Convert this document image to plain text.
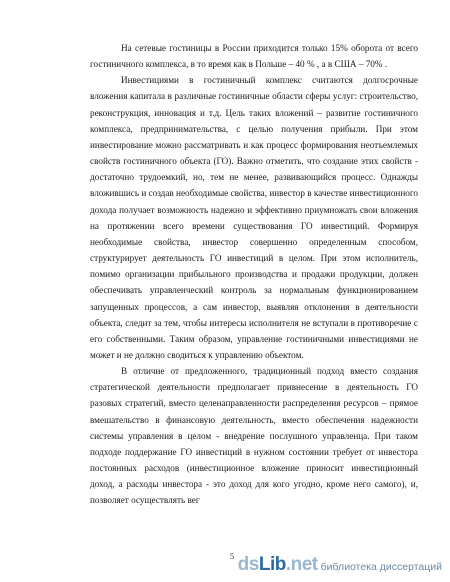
На сетевые гостиницы в России приходится только 15% оборота от всего гостиничного комплекса, в то время как в Польше – 40 % , а в США – 70% .

Инвестициями в гостиничный комплекс считаются долгосрочные вложения капитала в различные гостиничные области сферы услуг: строительство, реконструкция, инновация и т.д. Цель таких вложений – развитие гостиничного комплекса, предпринимательства, с целью получения прибыли. При этом инвестирование можно рассматривать и как процесс формирования неотъемлемых свойств гостиничного объекта (ГО). Важно отметить, что создание этих свойств - достаточно трудоемкий, но, тем не менее, развивающийся процесс. Однажды вложившись и создав необходимые свойства, инвестор в качестве инвестиционного дохода получает возможность надежно и эффективно приумножать свои вложения на протяжении всего времени существования ГО инвестиций. Формируя необходимые свойства, инвестор совершенно определенным способом, структурирует деятельность ГО инвестиций в целом. При этом исполнитель, помимо организации прибыльного производства и продажи продукции, должен обеспечивать управленческий контроль за нормальным функционированием запущенных процессов, а сам инвестор, выявляя отклонения в деятельности объекта, следит за тем, чтобы интересы исполнителя не вступали в противоречие с его собственными. Таким образом, управление гостиничными инвестициями не может и не должно сводиться к управлению объектом.

В отличие от предложенного, традиционный подход вместо создания стратегической деятельности предполагает привнесение в деятельность ГО разовых стратегий, вместо целенаправленности распределения ресурсов – прямое вмешательство в финансовую деятельность, вместо обеспечения надежности системы управления в целом - внедрение послушного управленца. При таком подходе поддержание ГО инвестиций в нужном состоянии требует от инвестора постоянных расходов (инвестиционное вложение приносит инвестиционный доход, а расходы инвестора - это доход для кого угодно, кроме него самого), и, позволяет осуществлять вег

5 dsLib.net библиотека диссертаций
